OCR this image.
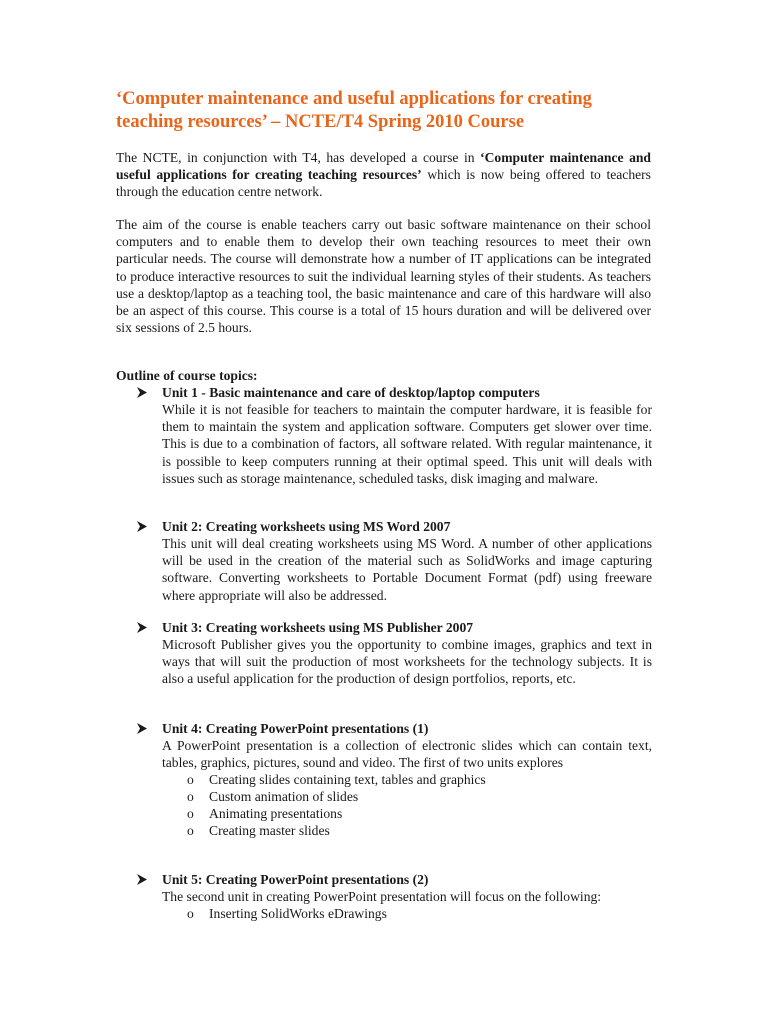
‘Computer maintenance and useful applications for creating teaching resources’ – NCTE/T4 Spring 2010 Course

The NCTE, in conjunction with T4, has developed a course in ‘Computer maintenance and useful applications for creating teaching resources’ which is now being offered to teachers through the education centre network.

The aim of the course is enable teachers carry out basic software maintenance on their school computers and to enable them to develop their own teaching resources to meet their own particular needs. The course will demonstrate how a number of IT applications can be integrated to produce interactive resources to suit the individual learning styles of their students. As teachers use a desktop/laptop as a teaching tool, the basic maintenance and care of this hardware will also be an aspect of this course. This course is a total of 15 hours duration and will be delivered over six sessions of 2.5 hours.

Outline of course topics:

Unit 1 - Basic maintenance and care of desktop/laptop computers
While it is not feasible for teachers to maintain the computer hardware, it is feasible for them to maintain the system and application software. Computers get slower over time. This is due to a combination of factors, all software related. With regular maintenance, it is possible to keep computers running at their optimal speed. This unit will deals with issues such as storage maintenance, scheduled tasks, disk imaging and malware.
Unit 2: Creating worksheets using MS Word 2007
This unit will deal creating worksheets using MS Word. A number of other applications will be used in the creation of the material such as SolidWorks and image capturing software. Converting worksheets to Portable Document Format (pdf) using freeware where appropriate will also be addressed.
Unit 3: Creating worksheets using MS Publisher 2007
Microsoft Publisher gives you the opportunity to combine images, graphics and text in ways that will suit the production of most worksheets for the technology subjects. It is also a useful application for the production of design portfolios, reports, etc.
Unit 4: Creating PowerPoint presentations (1)
A PowerPoint presentation is a collection of electronic slides which can contain text, tables, graphics, pictures, sound and video. The first of two units explores
o Creating slides containing text, tables and graphics
o Custom animation of slides
o Animating presentations
o Creating master slides
Unit 5: Creating PowerPoint presentations (2)
The second unit in creating PowerPoint presentation will focus on the following:
o Inserting SolidWorks eDrawings
